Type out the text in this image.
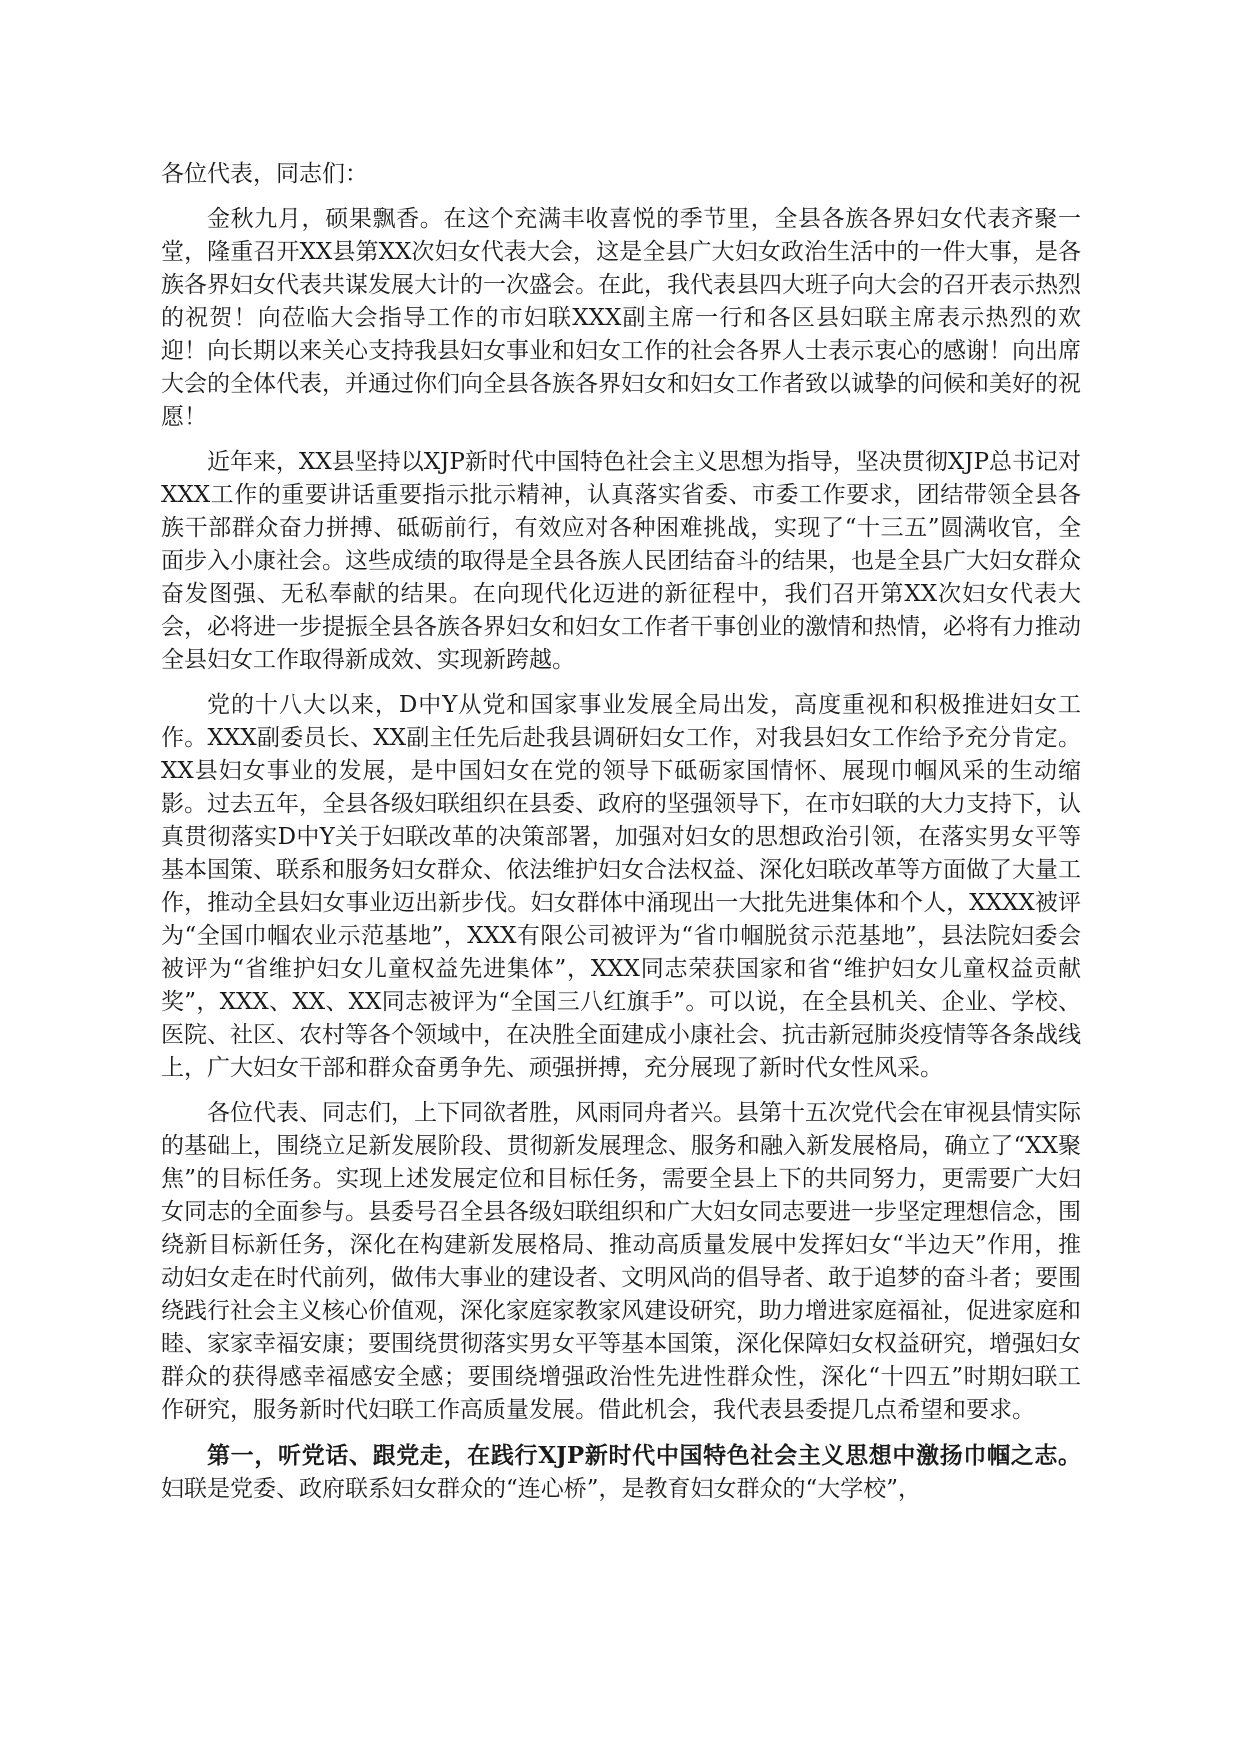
各位代表，同志们：

金秋九月，硕果飘香。在这个充满丰收喜悦的季节里，全县各族各界妇女代表齐聚一堂，隆重召开XX县第XX次妇女代表大会，这是全县广大妇女政治生活中的一件大事，是各族各界妇女代表共谋发展大计的一次盛会。在此，我代表县四大班子向大会的召开表示热烈的祝贺！向莅临大会指导工作的市妇联XXX副主席一行和各区县妇联主席表示热烈的欢迎！向长期以来关心支持我县妇女事业和妇女工作的社会各界人士表示衷心的感谢！向出席大会的全体代表，并通过你们向全县各族各界妇女和妇女工作者致以诚挚的问候和美好的祝愿！

近年来，XX县坚持以XJP新时代中国特色社会主义思想为指导，坚决贯彻XJP总书记对XXX工作的重要讲话重要指示批示精神，认真落实省委、市委工作要求，团结带领全县各族干部群众奋力拼搏、砥砺前行，有效应对各种困难挑战，实现了“十三五”圆满收官，全面步入小康社会。这些成绩的取得是全县各族人民团结奋斗的结果，也是全县广大妇女群众奋发图强、无私奉献的结果。在向现代化迈进的新征程中，我们召开第XX次妇女代表大会，必将进一步提振全县各族各界妇女和妇女工作者干事创业的激情和热情，必将有力推动全县妇女工作取得新成效、实现新跨越。

党的十八大以来，D中Y从党和国家事业发展全局出发，高度重视和积极推进妇女工作。XXX副委员长、XX副主任先后赴我县调研妇女工作，对我县妇女工作给予充分肯定。XX县妇女事业的发展，是中国妇女在党的领导下砥砺家国情怀、展现巾帼风采的生动缩影。过去五年，全县各级妇联组织在县委、政府的坚强领导下，在市妇联的大力支持下，认真贯彻落实D中Y关于妇联改革的决策部署，加强对妇女的思想政治引领，在落实男女平等基本国策、联系和服务妇女群众、依法维护妇女合法权益、深化妇联改革等方面做了大量工作，推动全县妇女事业迈出新步伐。妇女群体中涌现出一大批先进集体和个人，XXXX被评为“全国巾帼农业示范基地”，XXX有限公司被评为“省巾帼脱贫示范基地”，县法院妇委会被评为“省维护妇女儿童权益先进集体”，XXX同志荣获国家和省“维护妇女儿童权益贡献奖”，XXX、XX、XX同志被评为“全国三八红旗手”。可以说，在全县机关、企业、学校、医院、社区、农村等各个领域中，在决胜全面建成小康社会、抗击新冠肺炎疫情等各条战线上，广大妇女干部和群众奋勇争先、顽强拼搏，充分展现了新时代女性风采。

各位代表、同志们，上下同欲者胜，风雨同舟者兴。县第十五次党代会在审视县情实际的基础上，围绕立足新发展阶段、贯彻新发展理念、服务和融入新发展格局，确立了“XX聚焦”的目标任务。实现上述发展定位和目标任务，需要全县上下的共同努力，更需要广大妇女同志的全面参与。县委号召全县各级妇联组织和广大妇女同志要进一步坚定理想信念，围绕新目标新任务，深化在构建新发展格局、推动高质量发展中发挥妇女“半边天”作用，推动妇女走在时代前列，做伟大事业的建设者、文明风尚的倡导者、敢于追梦的奋斗者；要围绕践行社会主义核心价值观，深化家庭家教家风建设研究，助力增进家庭福祉，促进家庭和睦、家家幸福安康；要围绕贯彻落实男女平等基本国策，深化保障妇女权益研究，增强妇女群众的获得感幸福感安全感；要围绕增强政治性先进性群众性，深化“十四五”时期妇联工作研究，服务新时代妇联工作高质量发展。借此机会，我代表县委提几点希望和要求。

第一，听党话、跟党走，在践行XJP新时代中国特色社会主义思想中激扬巾帼之志。妇联是党委、政府联系妇女群众的“连心桥”，是教育妇女群众的“大学校”，
